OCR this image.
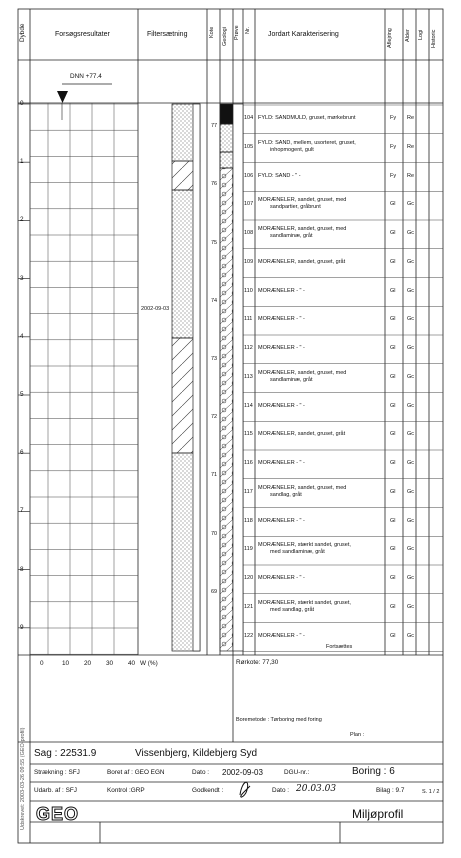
Dybde	Forsøgsresultater	Filtersætning	Kote Geologi Prøve Nr.
Jordart Karakterisering	Aflejring Alder Logi Historic
DNN +77.4
2002-09-03
0
1
2
3
4
5
6
7
8
9
77
76
75
74
73
72
71
70
69
104 FYLD: SANDMULD, gruset, mørkebrunt	Fy Re
105
FYLD: SAND, mellem, usorteret, gruset,
inhopmogent, gult	Fy Re
106 FYLD: SAND - " -	Fy Re
107
MORÆNELER, sandet, gruset, med
sandpartier, gråbrunt	Gl Gc
108
MORÆNELER, sandet, gruset, med
sandlaminæ, gråt	Gl Gc
109 MORÆNELER, sandet, gruset, gråt	Gl Gc
110 MORÆNELER - " -	Gl Gc
111 MORÆNELER - " -	Gl Gc
112 MORÆNELER - " -	Gl Gc
113
MORÆNELER, sandet, gruset, med
sandlaminæ, gråt	Gl Gc
114 MORÆNELER - " -	Gl Gc
115 MORÆNELER, sandet, gruset, gråt	Gl Gc
116 MORÆNELER - " -	Gl Gc
117
MORÆNELER, sandet, gruset, med
sandlag, gråt	Gl Gc
118 MORÆNELER - " -	Gl Gc
119
MORÆNELER, stærkt sandet, gruset,
med sandlaminæ, gråt	Gl Gc
120 MORÆNELER - " -	Gl Gc
121
MORÆNELER, stærkt sandet, gruset,
med sandlag, gråt	Gl Gc
122 MORÆNELER - " -	Gl Gc
Fortsættes
0	10 20 30 40 W (%)	Rørkote: 77,30
Boremetode : Tørboring med foring
Plan :
Sag : 22531.9	Vissenbjerg, Kildebjerg Syd
Strækning : SFJ	Boret af : GEO EGN	Dato : 2002-09-03	DGU-nr.:	Boring : 6
Udarb. af : SFJ	Kontrol :GRP	Godkendt :	Dato : 20.03.03	Bilag : 9.7	S. 1 / 2
GEO	Miljøprofil
Udskrevet: 2003-03-26 09:55 (GEO-profil)
